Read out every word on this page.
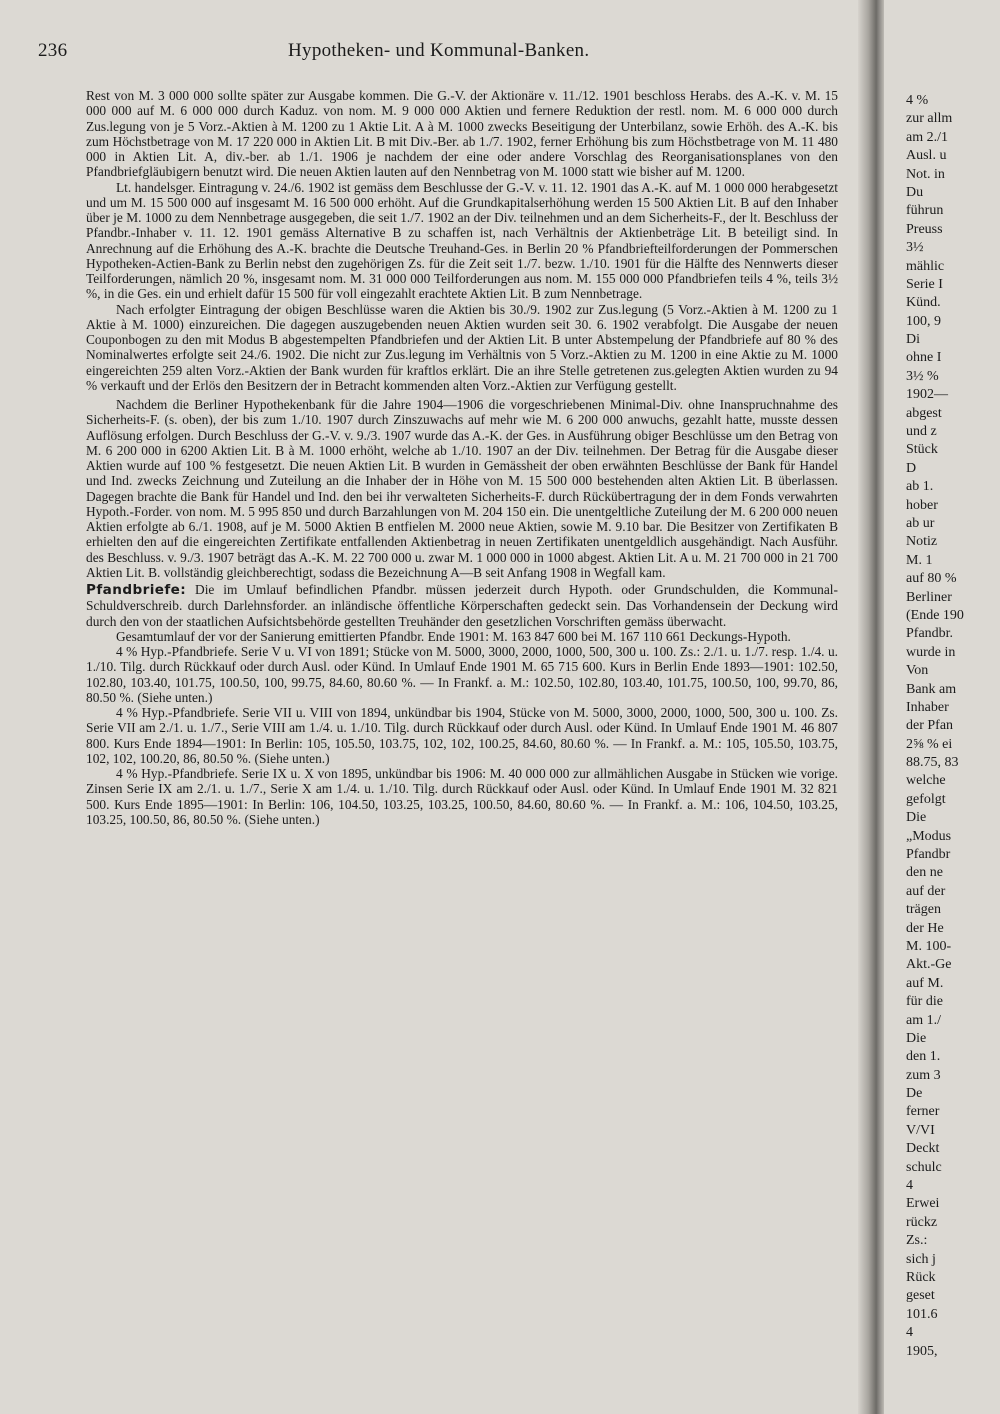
236	Hypotheken- und Kommunal-Banken.

Rest von M. 3 000 000 sollte später zur Ausgabe kommen. Die G.-V. der Aktionäre v. 11./12. 1901 beschloss Herabs. des A.-K. v. M. 15 000 000 auf M. 6 000 000 durch Kaduz. von nom. M. 9 000 000 Aktien und fernere Reduktion der restl. nom. M. 6 000 000 durch Zus.legung von je 5 Vorz.-Aktien à M. 1200 zu 1 Aktie Lit. A à M. 1000 zwecks Beseitigung der Unterbilanz, sowie Erhöh. des A.-K. bis zum Höchstbetrage von M. 17 220 000 in Aktien Lit. B mit Div.-Ber. ab 1./7. 1902, ferner Erhöhung bis zum Höchstbetrage von M. 11 480 000 in Aktien Lit. A, div.-ber. ab 1./1. 1906 je nachdem der eine oder andere Vorschlag des Reorganisationsplanes von den Pfandbriefgläubigern benutzt wird. Die neuen Aktien lauten auf den Nennbetrag von M. 1000 statt wie bisher auf M. 1200.

Lt. handelsger. Eintragung v. 24./6. 1902 ist gemäss dem Beschlusse der G.-V. v. 11. 12. 1901 das A.-K. auf M. 1 000 000 herabgesetzt und um M. 15 500 000 auf insgesamt M. 16 500 000 erhöht. Auf die Grundkapitalserhöhung werden 15 500 Aktien Lit. B auf den Inhaber über je M. 1000 zu dem Nennbetrage ausgegeben, die seit 1./7. 1902 an der Div. teilnehmen und an dem Sicherheits-F., der lt. Beschluss der Pfandbr.-Inhaber v. 11. 12. 1901 gemäss Alternative B zu schaffen ist, nach Verhältnis der Aktienbeträge Lit. B beteiligt sind. In Anrechnung auf die Erhöhung des A.-K. brachte die Deutsche Treuhand-Ges. in Berlin 20 % Pfandbriefteilforderungen der Pommerschen Hypotheken-Actien-Bank zu Berlin nebst den zugehörigen Zs. für die Zeit seit 1./7. bezw. 1./10. 1901 für die Hälfte des Nennwerts dieser Teilforderungen, nämlich 20 %, insgesamt nom. M. 31 000 000 Teilforderungen aus nom. M. 155 000 000 Pfandbriefen teils 4 %, teils 3½ %, in die Ges. ein und erhielt dafür 15 500 für voll eingezahlt erachtete Aktien Lit. B zum Nennbetrage.

Nach erfolgter Eintragung der obigen Beschlüsse waren die Aktien bis 30./9. 1902 zur Zus.legung (5 Vorz.-Aktien à M. 1200 zu 1 Aktie à M. 1000) einzureichen. Die dagegen auszugebenden neuen Aktien wurden seit 30. 6. 1902 verabfolgt. Die Ausgabe der neuen Couponbogen zu den mit Modus B abgestempelten Pfandbriefen und der Aktien Lit. B unter Abstempelung der Pfandbriefe auf 80 % des Nominalwertes erfolgte seit 24./6. 1902. Die nicht zur Zus.legung im Verhältnis von 5 Vorz.-Aktien zu M. 1200 in eine Aktie zu M. 1000 eingereichten 259 alten Vorz.-Aktien der Bank wurden für kraftlos erklärt. Die an ihre Stelle getretenen zus.gelegten Aktien wurden zu 94 % verkauft und der Erlös den Besitzern der in Betracht kommenden alten Vorz.-Aktien zur Verfügung gestellt.

Nachdem die Berliner Hypothekenbank für die Jahre 1904—1906 die vorgeschriebenen Minimal-Div. ohne Inanspruchnahme des Sicherheits-F. (s. oben), der bis zum 1./10. 1907 durch Zinszuwachs auf mehr wie M. 6 200 000 anwuchs, gezahlt hatte, musste dessen Auflösung erfolgen. Durch Beschluss der G.-V. v. 9./3. 1907 wurde das A.-K. der Ges. in Ausführung obiger Beschlüsse um den Betrag von M. 6 200 000 in 6200 Aktien Lit. B à M. 1000 erhöht, welche ab 1./10. 1907 an der Div. teilnehmen. Der Betrag für die Ausgabe dieser Aktien wurde auf 100 % festgesetzt. Die neuen Aktien Lit. B wurden in Gemässheit der oben erwähnten Beschlüsse der Bank für Handel und Ind. zwecks Zeichnung und Zuteilung an die Inhaber der in Höhe von M. 15 500 000 bestehenden alten Aktien Lit. B überlassen. Dagegen brachte die Bank für Handel und Ind. den bei ihr verwalteten Sicherheits-F. durch Rückübertragung der in dem Fonds verwahrten Hypoth.-Forder. von nom. M. 5 995 850 und durch Barzahlungen von M. 204 150 ein. Die unentgeltliche Zuteilung der M. 6 200 000 neuen Aktien erfolgte ab 6./1. 1908, auf je M. 5000 Aktien B entfielen M. 2000 neue Aktien, sowie M. 9.10 bar. Die Besitzer von Zertifikaten B erhielten den auf die eingereichten Zertifikate entfallenden Aktienbetrag in neuen Zertifikaten unentgeldlich ausgehändigt. Nach Ausführ. des Beschluss. v. 9./3. 1907 beträgt das A.-K. M. 22 700 000 u. zwar M. 1 000 000 in 1000 abgest. Aktien Lit. A u. M. 21 700 000 in 21 700 Aktien Lit. B. vollständig gleichberechtigt, sodass die Bezeichnung A—B seit Anfang 1908 in Wegfall kam.

Pfandbriefe: Die im Umlauf befindlichen Pfandbr. müssen jederzeit durch Hypoth. oder Grundschulden, die Kommunal-Schuldverschreib. durch Darlehnsforder. an inländische öffentliche Körperschaften gedeckt sein. Das Vorhandensein der Deckung wird durch den von der staatlichen Aufsichtsbehörde gestellten Treuhänder den gesetzlichen Vorschriften gemäss überwacht.

Gesamtumlauf der vor der Sanierung emittierten Pfandbr. Ende 1901: M. 163 847 600 bei M. 167 110 661 Deckungs-Hypoth.

4 % Hyp.-Pfandbriefe. Serie V u. VI von 1891; Stücke von M. 5000, 3000, 2000, 1000, 500, 300 u. 100. Zs.: 2./1. u. 1./7. resp. 1./4. u. 1./10. Tilg. durch Rückkauf oder durch Ausl. oder Künd. In Umlauf Ende 1901 M. 65 715 600. Kurs in Berlin Ende 1893—1901: 102.50, 102.80, 103.40, 101.75, 100.50, 100, 99.75, 84.60, 80.60 %. — In Frankf. a. M.: 102.50, 102.80, 103.40, 101.75, 100.50, 100, 99.70, 86, 80.50 %. (Siehe unten.)

4 % Hyp.-Pfandbriefe. Serie VII u. VIII von 1894, unkündbar bis 1904, Stücke von M. 5000, 3000, 2000, 1000, 500, 300 u. 100. Zs. Serie VII am 2./1. u. 1./7., Serie VIII am 1./4. u. 1./10. Tilg. durch Rückkauf oder durch Ausl. oder Künd. In Umlauf Ende 1901 M. 46 807 800. Kurs Ende 1894—1901: In Berlin: 105, 105.50, 103.75, 102, 102, 100.25, 84.60, 80.60 %. — In Frankf. a. M.: 105, 105.50, 103.75, 102, 102, 100.20, 86, 80.50 %. (Siehe unten.)

4 % Hyp.-Pfandbriefe. Serie IX u. X von 1895, unkündbar bis 1906: M. 40 000 000 zur allmählichen Ausgabe in Stücken wie vorige. Zinsen Serie IX am 2./1. u. 1./7., Serie X am 1./4. u. 1./10. Tilg. durch Rückkauf oder Ausl. oder Künd. In Umlauf Ende 1901 M. 32 821 500. Kurs Ende 1895—1901: In Berlin: 106, 104.50, 103.25, 103.25, 100.50, 84.60, 80.60 %. — In Frankf. a. M.: 106, 104.50, 103.25, 103.25, 100.50, 86, 80.50 %. (Siehe unten.)

4 %
zur allm
am 2./1
Ausl. u
Not. in
Du
führun
Preuss
3½
mählic
Serie I
Künd.
100, 9
Di
ohne I
3½ %
1902—
abgest
und z
Stück
D
ab 1.
hober
ab ur
Notiz
M. 1
auf 80 %
Berliner
(Ende 190
Pfandbr.
wurde in
Von
Bank am
Inhaber
der Pfan
2⅝ % ei
88.75, 83
welche
gefolgt
Die
„Modus
Pfandbr
den ne
auf der
trägen
der He
M. 100-
Akt.-Ge
auf M.
für die
am 1./
Die
den 1.
zum 3
De
ferner
V/VI
Deckt
schulc
4
Erwei
rückz
Zs.:
sich j
Rück
geset
101.6
4
1905,
